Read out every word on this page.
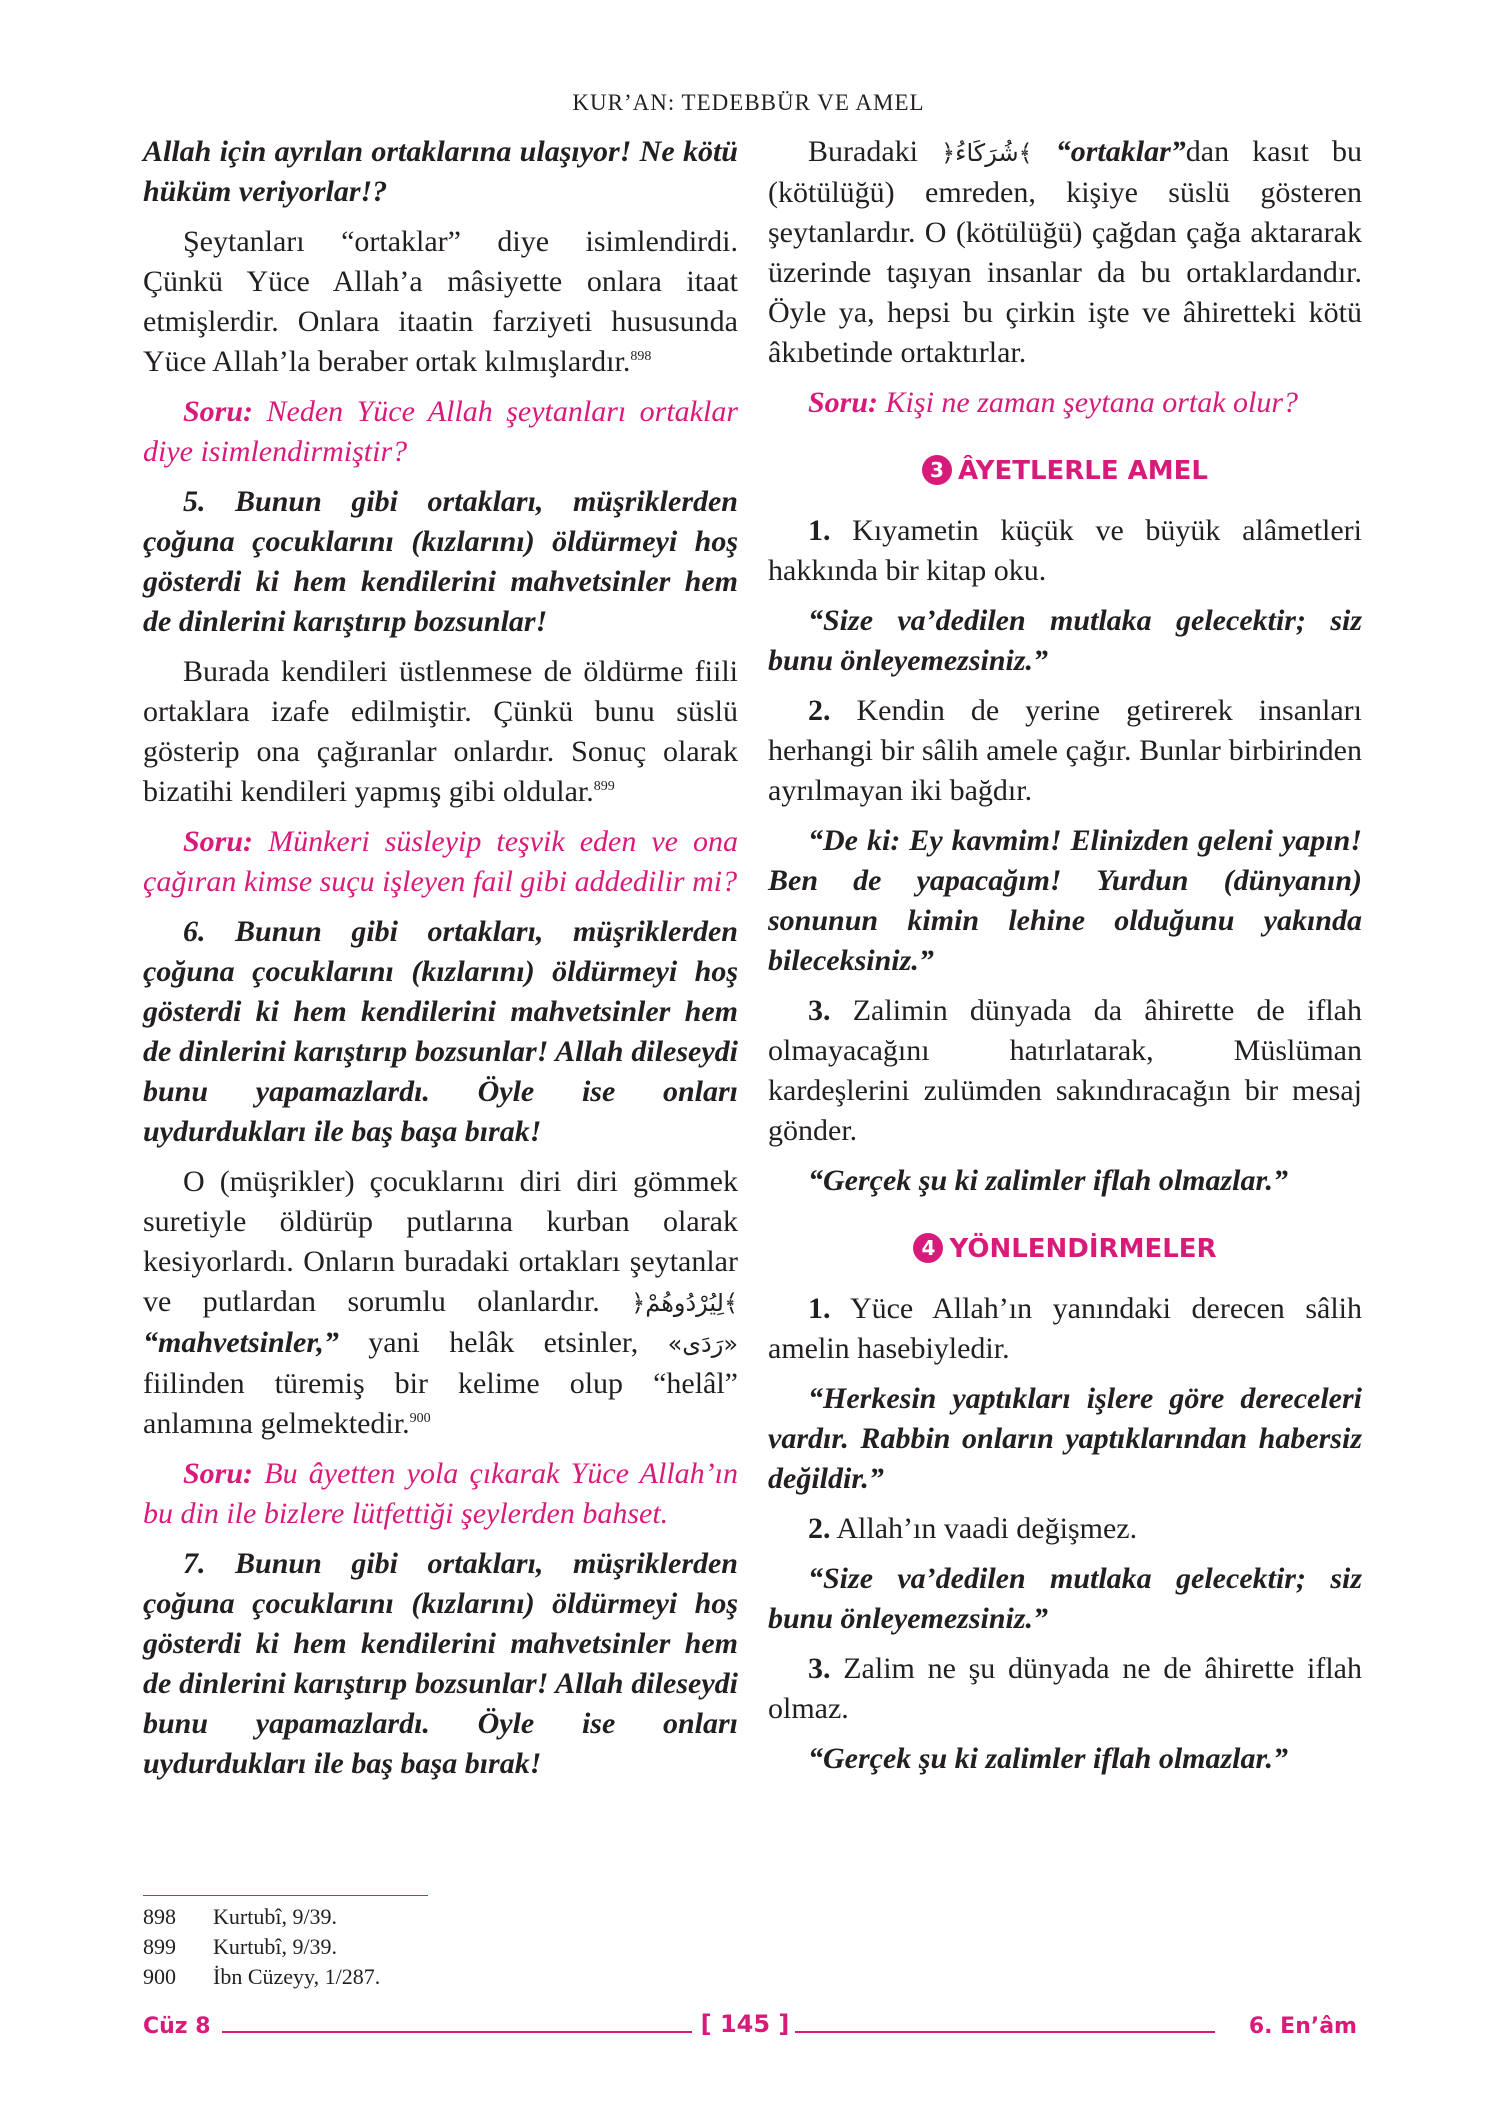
KUR’AN: TEDEBBÜR VE AMEL

Allah için ayrılan ortaklarına ulaşıyor! Ne kötü hüküm veriyorlar!?

Şeytanları “ortaklar” diye isimlendirdi. Çünkü Yüce Allah’a mâsiyette onlara itaat etmişlerdir. Onlara itaatin farziyeti hususunda Yüce Allah’la beraber ortak kılmışlardır.$^{898}$

Soru: Neden Yüce Allah şeytanları ortaklar diye isimlendirmiştir?

5. Bunun gibi ortakları, müşriklerden çoğuna çocuklarını (kızlarını) öldürmeyi hoş gösterdi ki hem kendilerini mahvetsinler hem de dinlerini karıştırıp bozsunlar!

Burada kendileri üstlenmese de öldürme fiili ortaklara izafe edilmiştir. Çünkü bunu süslü gösterip ona çağıranlar onlardır. Sonuç olarak bizatihi kendileri yapmış gibi oldular.$^{899}$

Soru: Münkeri süsleyip teşvik eden ve ona çağıran kimse suçu işleyen fail gibi addedilir mi?

6. Bunun gibi ortakları, müşriklerden çoğuna çocuklarını (kızlarını) öldürmeyi hoş gösterdi ki hem kendilerini mahvetsinler hem de dinlerini karıştırıp bozsunlar! Allah dileseydi bunu yapamazlardı. Öyle ise onları uydurdukları ile baş başa bırak!

O (müşrikler) çocuklarını diri diri gömmek suretiyle öldürüp putlarına kurban olarak kesiyorlardı. Onların buradaki ortakları şeytanlar ve putlardan sorumlu olanlardır. ﴿لِيُرْدُوهُمْ﴾ “mahvetsinler,” yani helâk etsinler, «رَدَى» fiilinden türemiş bir kelime olup “helâl” anlamına gelmektedir.$^{900}$

Soru: Bu âyetten yola çıkarak Yüce Allah’ın bu din ile bizlere lütfettiği şeylerden bahset.

7. Bunun gibi ortakları, müşriklerden çoğuna çocuklarını (kızlarını) öldürmeyi hoş gösterdi ki hem kendilerini mahvetsinler hem de dinlerini karıştırıp bozsunlar! Allah dileseydi bunu yapamazlardı. Öyle ise onları uydurdukları ile baş başa bırak!

Buradaki ﴿شُرَكَاءُ﴾ “ortaklar”dan kasıt bu (kötülüğü) emreden, kişiye süslü gösteren şeytanlardır. O (kötülüğü) çağdan çağa aktararak üzerinde taşıyan insanlar da bu ortaklardandır. Öyle ya, hepsi bu çirkin işte ve âhiretteki kötü âkıbetinde ortaktırlar.

Soru: Kişi ne zaman şeytana ortak olur?

3 ÂYETLERLE AMEL

1. Kıyametin küçük ve büyük alâmetleri hakkında bir kitap oku.

“Size va’dedilen mutlaka gelecektir; siz bunu önleyemezsiniz.”

2. Kendin de yerine getirerek insanları herhangi bir sâlih amele çağır. Bunlar birbirinden ayrılmayan iki bağdır.

“De ki: Ey kavmim! Elinizden geleni yapın! Ben de yapacağım! Yurdun (dünyanın) sonunun kimin lehine olduğunu yakında bileceksiniz.”

3. Zalimin dünyada da âhirette de iflah olmayacağını hatırlatarak, Müslüman kardeşlerini zulümden sakındıracağın bir mesaj gönder.

“Gerçek şu ki zalimler iflah olmazlar.”

4 YÖNLENDİRMELER

1. Yüce Allah’ın yanındaki derecen sâlih amelin hasebiyledir.

“Herkesin yaptıkları işlere göre dereceleri vardır. Rabbin onların yaptıklarından habersiz değildir.”

2. Allah’ın vaadi değişmez.

“Size va’dedilen mutlaka gelecektir; siz bunu önleyemezsiniz.”

3. Zalim ne şu dünyada ne de âhirette iflah olmaz.

“Gerçek şu ki zalimler iflah olmazlar.”

898 Kurtubî, 9/39.
899 Kurtubî, 9/39.
900 İbn Cüzeyy, 1/287.
Cüz 8	[ 145 ]	6. En’âm
